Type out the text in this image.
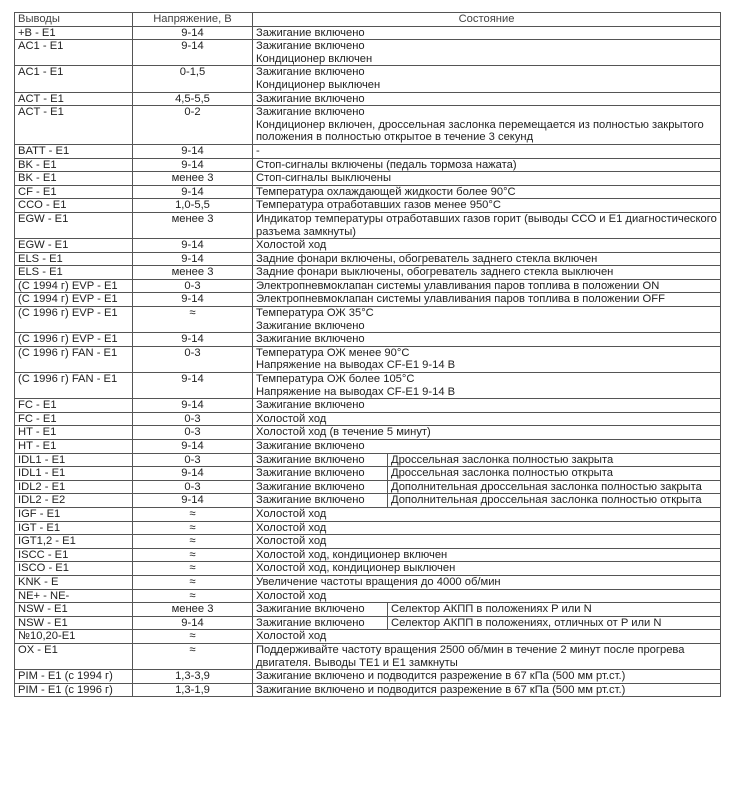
Выводы	Напряжение, В	Состояние	
+B - E1	9-14	Зажигание включено	
AC1 - E1	9-14	Зажигание включено
Кондиционер включен	
AC1 - E1	0-1,5	Зажигание включено
Кондиционер выключен	
ACT - E1	4,5-5,5	Зажигание включено	
ACT - E1	0-2	Зажигание включено
Кондиционер включен, дроссельная заслонка перемещается из полностью закрытого положения в полностью открытое в течение 3 секунд	
BATT - E1	9-14	-	
BK - E1	9-14	Стоп-сигналы включены (педаль тормоза нажата)	
BK - E1	менее 3	Стоп-сигналы выключены	
CF - E1	9-14	Температура охлаждающей жидкости более 90°C	
CCO - E1	1,0-5,5	Температура отработавших газов менее 950°C	
EGW - E1	менее 3	Индикатор температуры отработавших газов горит (выводы CCO и E1 диагностического разъема замкнуты)	
EGW - E1	9-14	Холостой ход	
ELS - E1	9-14	Задние фонари включены, обогреватель заднего стекла включен	
ELS - E1	менее 3	Задние фонари выключены, обогреватель заднего стекла выключен	
(С 1994 г) EVP - E1	0-3	Электропневмоклапан системы улавливания паров топлива в положении ON	
(С 1994 г) EVP - E1	9-14	Электропневмоклапан системы улавливания паров топлива в положении OFF	
(С 1996 г) EVP - E1	≈	Температура ОЖ 35°C
Зажигание включено	
(С 1996 г) EVP - E1	9-14	Зажигание включено	
(С 1996 г) FAN - E1	0-3	Температура ОЖ менее 90°C
Напряжение на выводах CF-E1 9-14 В	
(С 1996 г) FAN - E1	9-14	Температура ОЖ более 105°C
Напряжение на выводах CF-E1 9-14 В	
FC - E1	9-14	Зажигание включено	
FC - E1	0-3	Холостой ход	
HT - E1	0-3	Холостой ход (в течение 5 минут)	
HT - E1	9-14	Зажигание включено	
IDL1 - E1	0-3	Зажигание включено	Дроссельная заслонка полностью закрыта
IDL1 - E1	9-14	Зажигание включено	Дроссельная заслонка полностью открыта
IDL2 - E1	0-3	Зажигание включено	Дополнительная дроссельная заслонка полностью закрыта
IDL2 - E2	9-14	Зажигание включено	Дополнительная дроссельная заслонка полностью открыта
IGF - E1	≈	Холостой ход	
IGT - E1	≈	Холостой ход	
IGT1,2 - E1	≈	Холостой ход	
ISCC - E1	≈	Холостой ход, кондиционер включен	
ISCO - E1	≈	Холостой ход, кондиционер выключен	
KNK - E	≈	Увеличение частоты вращения до 4000 об/мин	
NE+ - NE-	≈	Холостой ход	
NSW - E1	менее 3	Зажигание включено	Селектор АКПП в положениях P или N
NSW - E1	9-14	Зажигание включено	Селектор АКПП в положениях, отличных от P или N
№10,20-E1	≈	Холостой ход	
OX - E1	≈	Поддерживайте частоту вращения 2500 об/мин в течение 2 минут после прогрева двигателя. Выводы TE1 и E1 замкнуты	
PIM - E1 (с 1994 г)	1,3-3,9	Зажигание включено и подводится разрежение в 67 кПа (500 мм рт.ст.)	
PIM - E1 (с 1996 г)	1,3-1,9	Зажигание включено и подводится разрежение в 67 кПа (500 мм рт.ст.)	
